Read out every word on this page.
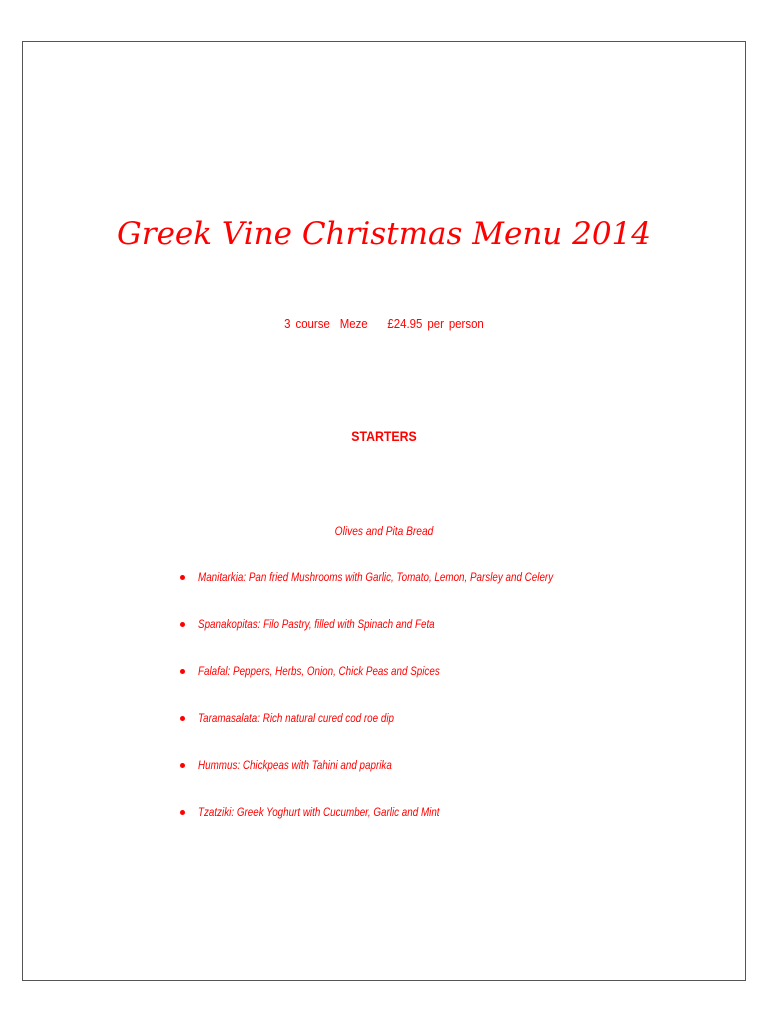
Greek Vine Christmas Menu 2014
3 course  Meze    £24.95 per person
STARTERS
Olives and Pita Bread
Manitarkia: Pan fried Mushrooms with Garlic, Tomato, Lemon, Parsley and Celery
Spanakopitas: Filo Pastry, filled with Spinach and Feta
Falafal: Peppers, Herbs, Onion, Chick Peas and Spices
Taramasalata: Rich natural cured cod roe dip
Hummus: Chickpeas with Tahini and paprika
Tzatziki: Greek Yoghurt with Cucumber, Garlic and Mint
